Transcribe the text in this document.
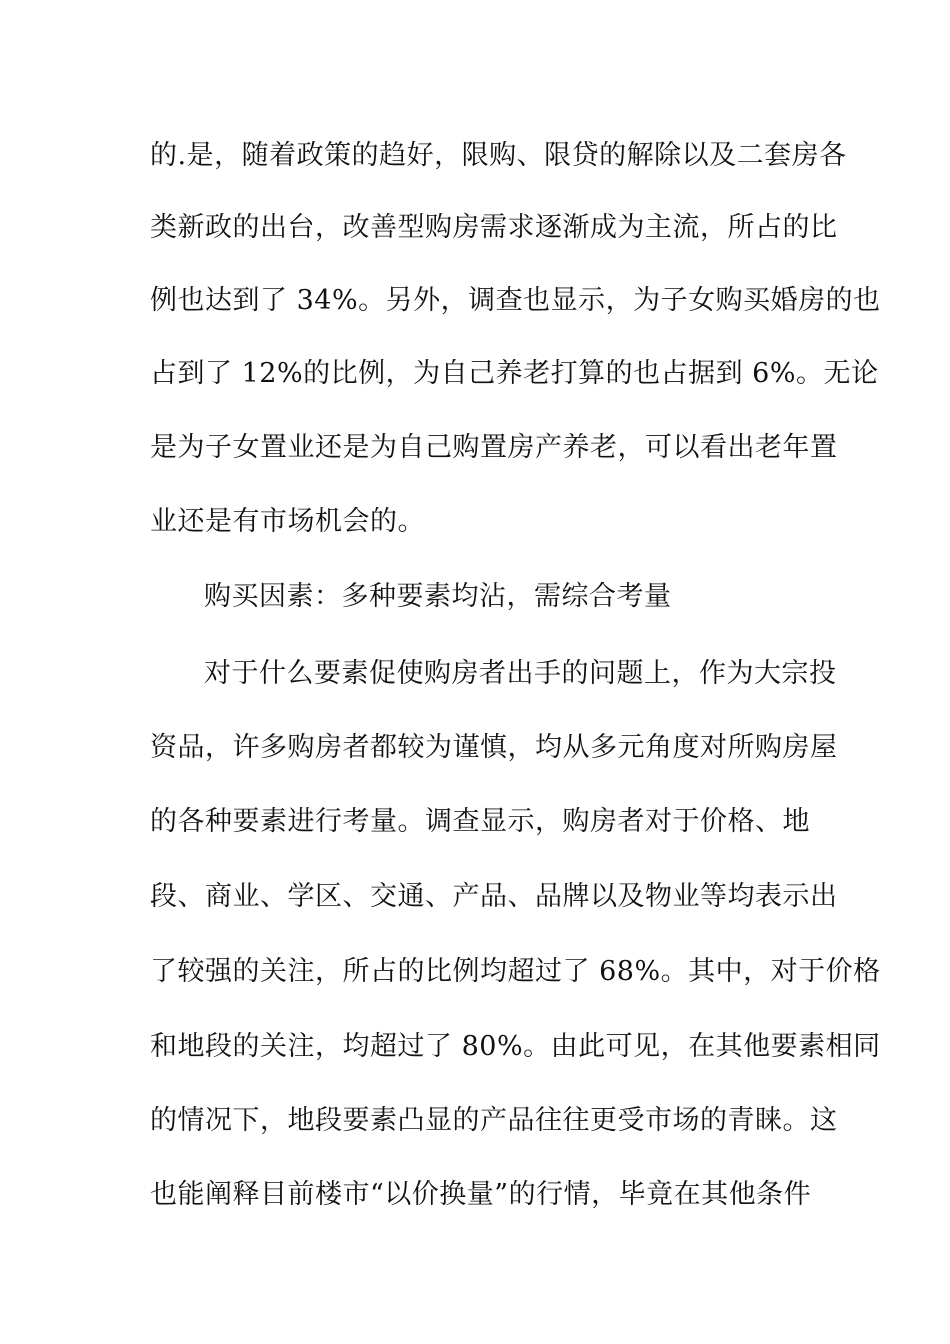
的.是，随着政策的趋好，限购、限贷的解除以及二套房各
类新政的出台，改善型购房需求逐渐成为主流，所占的比
例也达到了 34%。另外，调查也显示，为子女购买婚房的也
占到了 12%的比例，为自己养老打算的也占据到 6%。无论
是为子女置业还是为自己购置房产养老，可以看出老年置
业还是有市场机会的。
购买因素：多种要素均沾，需综合考量
对于什么要素促使购房者出手的问题上，作为大宗投
资品，许多购房者都较为谨慎，均从多元角度对所购房屋
的各种要素进行考量。调查显示，购房者对于价格、地
段、商业、学区、交通、产品、品牌以及物业等均表示出
了较强的关注，所占的比例均超过了 68%。其中，对于价格
和地段的关注，均超过了 80%。由此可见，在其他要素相同
的情况下，地段要素凸显的产品往往更受市场的青睐。这
也能阐释目前楼市“以价换量”的行情，毕竟在其他条件
